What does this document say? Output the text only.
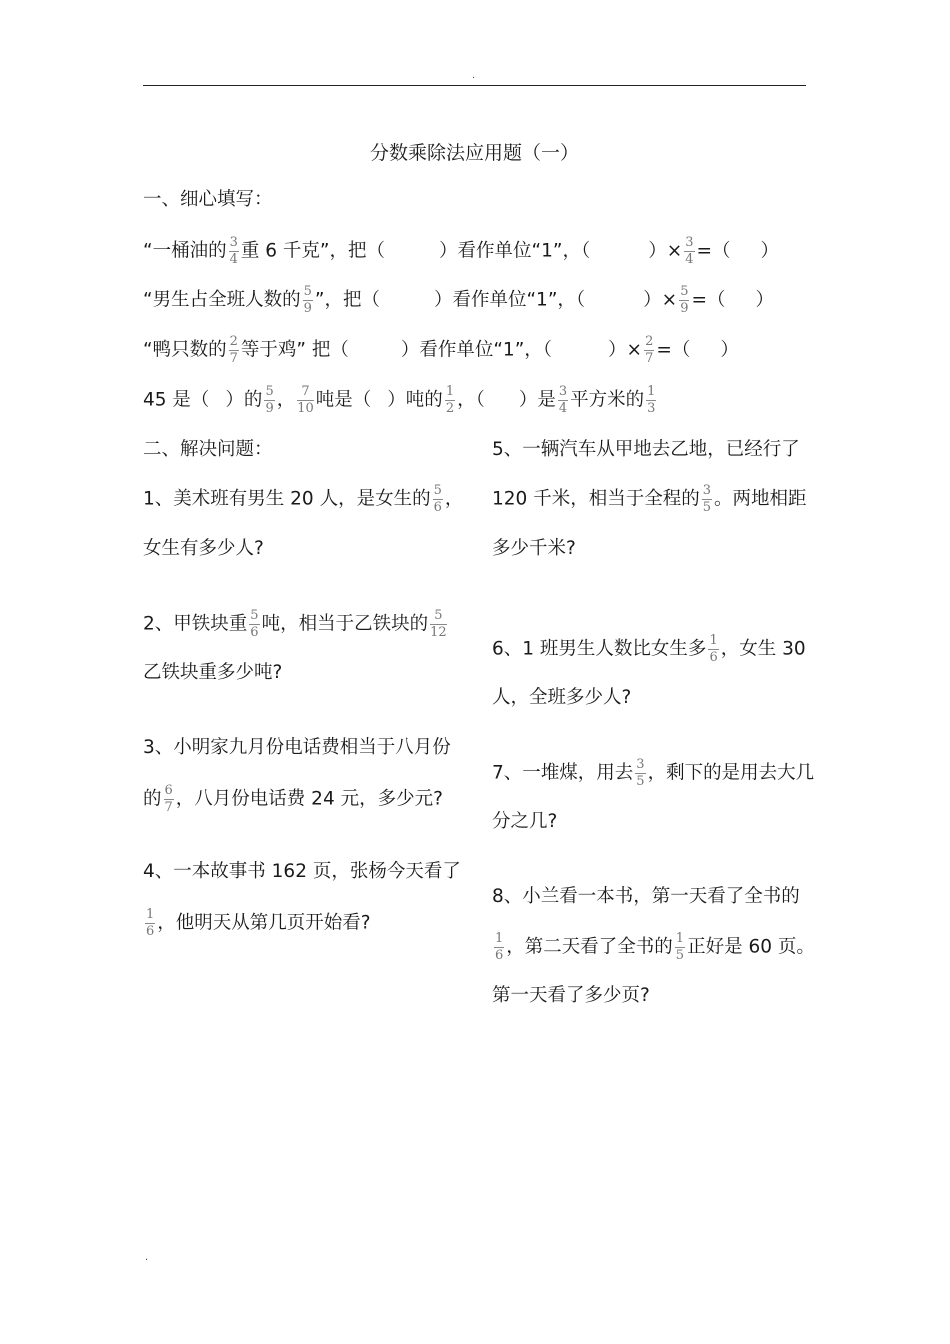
.
分数乘除法应用题（一）
一、细心填写：
“一桶油的 $\frac{3}{4}$ 重 6 千克”，把（	）看作单位“1”，（	）× $\frac{3}{4}$ =（ ）
“男生占全班人数的 $\frac{5}{9}$ ”，把（	）看作单位“1”，（	）× $\frac{5}{9}$ =（ ）
“鸭只数的 $\frac{2}{7}$ 等于鸡” 把（	）看作单位“1”，（	）× $\frac{2}{7}$ =（ ）
45 是（ ）的 $\frac{5}{9}$ ， $\frac{7}{10}$ 吨是（ ）吨的 $\frac{1}{2}$ ，（ ）是 $\frac{3}{4}$ 平方米的 $\frac{1}{3}$
二、解决问题：
1、美术班有男生 20 人，是女生的 $\frac{5}{6}$ ，
女生有多少人?
2、甲铁块重 $\frac{5}{6}$ 吨，相当于乙铁块的 $\frac{5}{12}$
乙铁块重多少吨?
3、小明家九月份电话费相当于八月份
的 $\frac{6}{7}$ ，八月份电话费 24 元，多少元?
4、一本故事书 162 页，张杨今天看了
$\frac{1}{6}$ ，他明天从第几页开始看?
5、一辆汽车从甲地去乙地，已经行了
120 千米，相当于全程的 $\frac{3}{5}$ 。两地相距
多少千米?
6、1 班男生人数比女生多 $\frac{1}{6}$ ，女生 30
人，全班多少人?
7、一堆煤，用去 $\frac{3}{5}$ ，剩下的是用去大几
分之几?
8、小兰看一本书，第一天看了全书的
$\frac{1}{6}$ ，第二天看了全书的 $\frac{1}{5}$ 正好是 60 页。
第一天看了多少页?
.
